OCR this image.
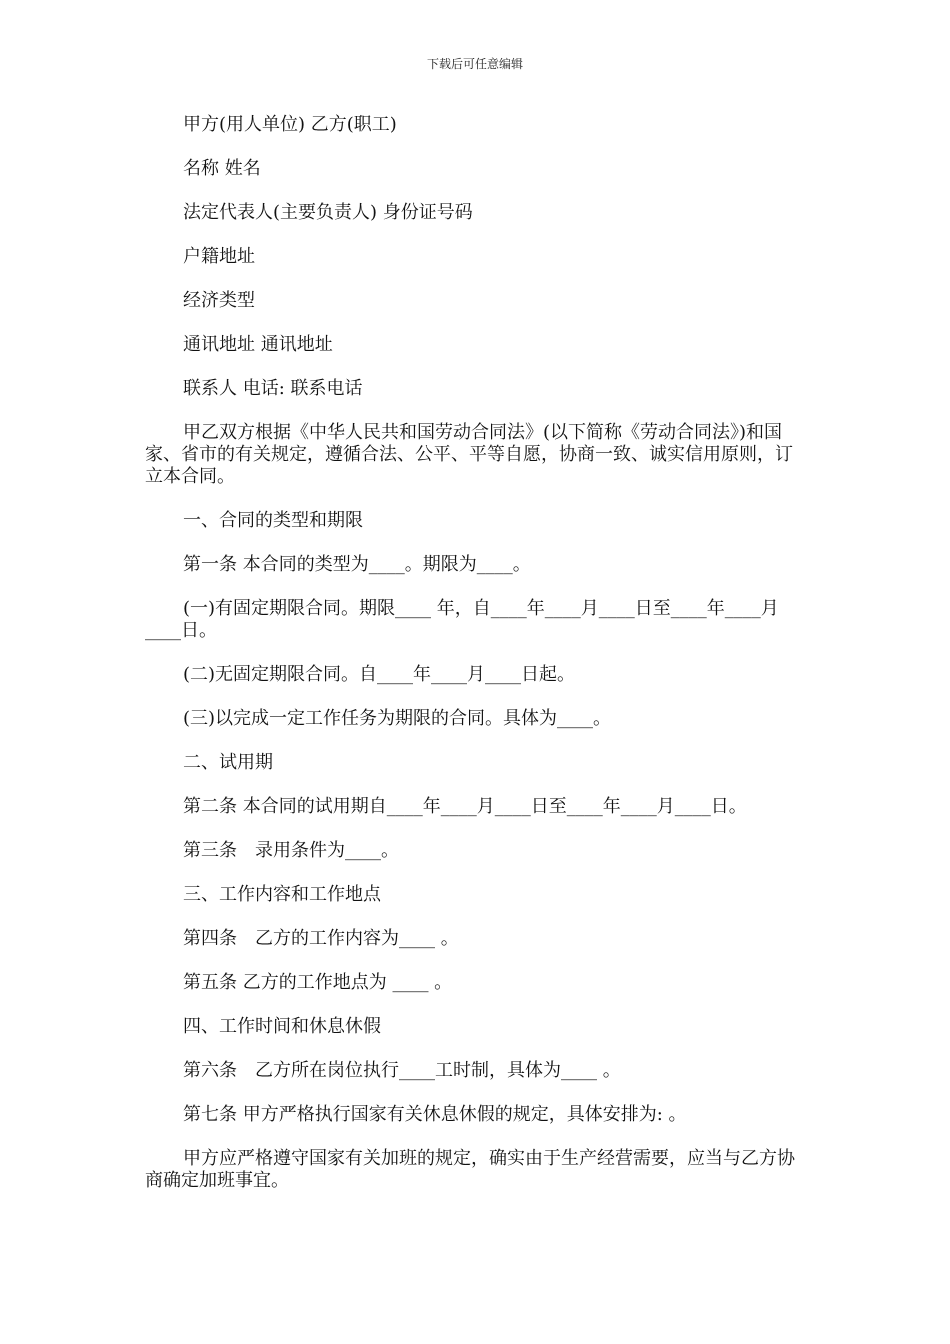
下载后可任意编辑

甲方(用人单位) 乙方(职工)

名称 姓名

法定代表人(主要负责人) 身份证号码

户籍地址

经济类型

通讯地址 通讯地址

联系人 电话: 联系电话

甲乙双方根据《中华人民共和国劳动合同法》(以下简称《劳动合同法》)和国家、省市的有关规定，遵循合法、公平、平等自愿，协商一致、诚实信用原则，订立本合同。

一、合同的类型和期限

第一条 本合同的类型为____。期限为____。

(一)有固定期限合同。期限____ 年，自____年____月____日至____年____月____日。

(二)无固定期限合同。自____年____月____日起。

(三)以完成一定工作任务为期限的合同。具体为____。

二、试用期

第二条 本合同的试用期自____年____月____日至____年____月____日。

第三条　录用条件为____。

三、工作内容和工作地点

第四条　乙方的工作内容为____ 。

第五条 乙方的工作地点为 ____ 。

四、工作时间和休息休假

第六条　乙方所在岗位执行____工时制，具体为____ 。

第七条 甲方严格执行国家有关休息休假的规定，具体安排为: 。

甲方应严格遵守国家有关加班的规定，确实由于生产经营需要，应当与乙方协商确定加班事宜。
